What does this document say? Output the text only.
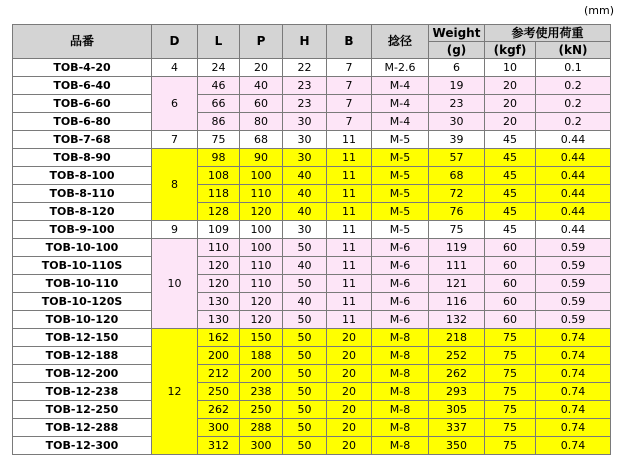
(mm)
品番	D	L	P	H	B	捻径	Weight	参考使用荷重	
							(g)	(kgf)	(kN)
TOB-4-20	4	24	20	22	7	M-2.6	6	10	0.1
TOB-6-40	6	46	40	23	7	M-4	19	20	0.2
TOB-6-60		66	60	23	7	M-4	23	20	0.2
TOB-6-80		86	80	30	7	M-4	30	20	0.2
TOB-7-68	7	75	68	30	11	M-5	39	45	0.44
TOB-8-90	8	98	90	30	11	M-5	57	45	0.44
TOB-8-100		108	100	40	11	M-5	68	45	0.44
TOB-8-110		118	110	40	11	M-5	72	45	0.44
TOB-8-120		128	120	40	11	M-5	76	45	0.44
TOB-9-100	9	109	100	30	11	M-5	75	45	0.44
TOB-10-100	10	110	100	50	11	M-6	119	60	0.59
TOB-10-110S		120	110	40	11	M-6	111	60	0.59
TOB-10-110		120	110	50	11	M-6	121	60	0.59
TOB-10-120S		130	120	40	11	M-6	116	60	0.59
TOB-10-120		130	120	50	11	M-6	132	60	0.59
TOB-12-150	12	162	150	50	20	M-8	218	75	0.74
TOB-12-188		200	188	50	20	M-8	252	75	0.74
TOB-12-200		212	200	50	20	M-8	262	75	0.74
TOB-12-238		250	238	50	20	M-8	293	75	0.74
TOB-12-250		262	250	50	20	M-8	305	75	0.74
TOB-12-288		300	288	50	20	M-8	337	75	0.74
TOB-12-300		312	300	50	20	M-8	350	75	0.74
